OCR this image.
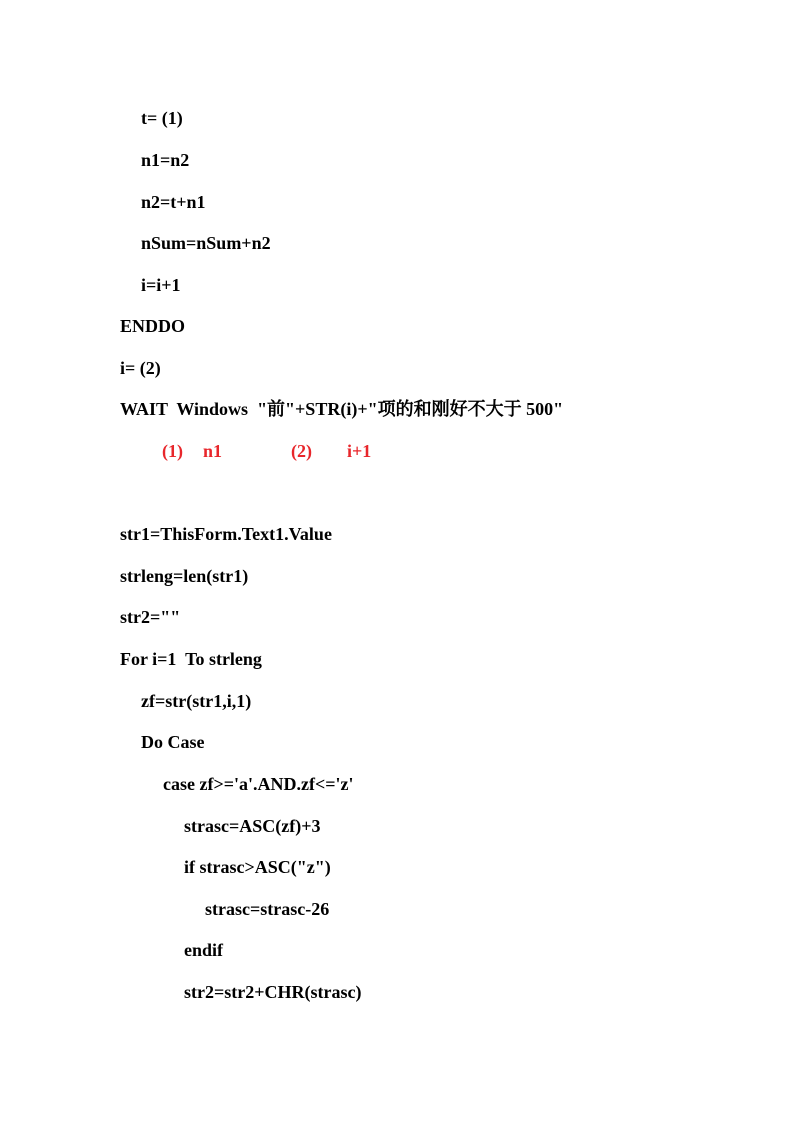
t= (1)
n1=n2
n2=t+n1
nSum=nSum+n2
i=i+1
ENDDO
i= (2)
WAIT  Windows  "前"+STR(i)+"项的和刚好不大于 500"

(1)

n1

	(2)

i+1

str1=ThisForm.Text1.Value
strleng=len(str1)
str2=""
For i=1  To strleng
zf=str(str1,i,1)
Do Case
case zf>='a'.AND.zf<='z'
strasc=ASC(zf)+3
if strasc>ASC("z")
strasc=strasc-26
endif
str2=str2+CHR(strasc)
